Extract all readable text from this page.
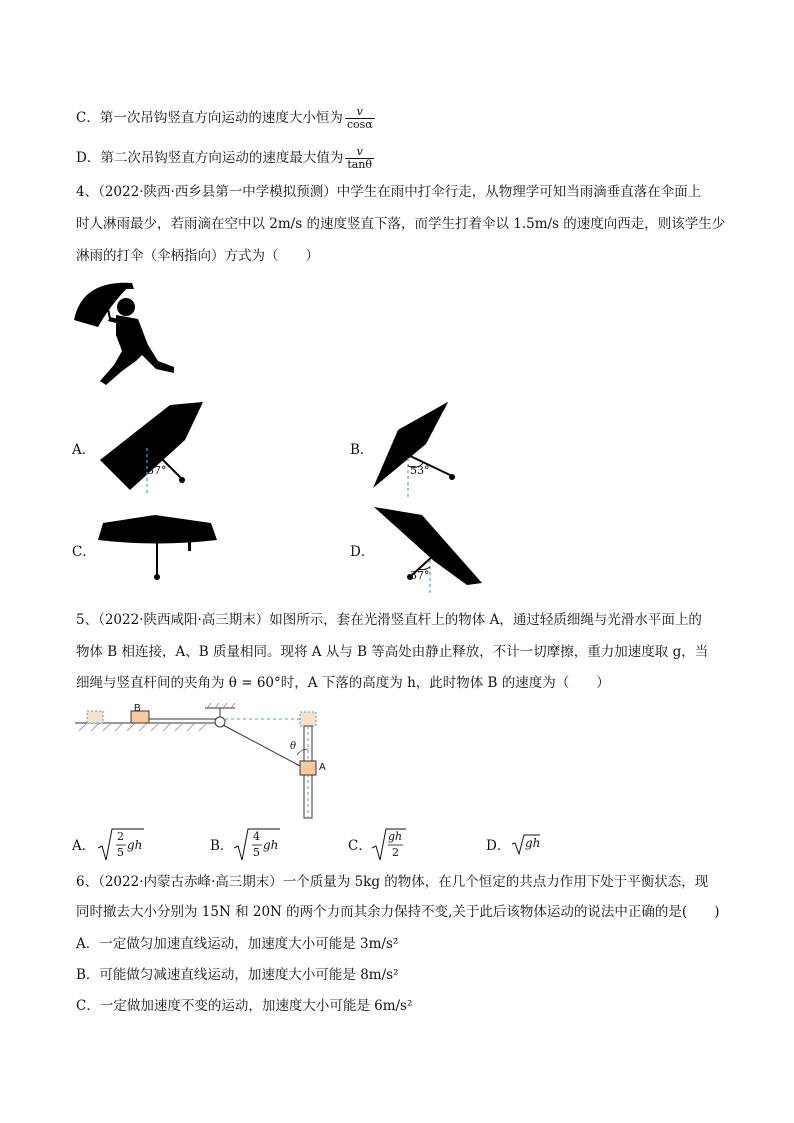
C．第一次吊钩竖直方向运动的速度大小恒为 $\frac{v}{\cos\alpha}$
D．第二次吊钩竖直方向运动的速度最大值为 $\frac{v}{\tan\theta}$
4、（2022·陕西·西乡县第一中学模拟预测）中学生在雨中打伞行走，从物理学可知当雨滴垂直落在伞面上
时人淋雨最少，若雨滴在空中以 2m/s 的速度竖直下落，而学生打着伞以 1.5m/s 的速度向西走，则该学生少
淋雨的打伞（伞柄指向）方式为（　　）
A．
37°
B．
53°
C．	D．
37°
5、（2022·陕西咸阳·高三期末）如图所示，套在光滑竖直杆上的物体 A，通过轻质细绳与光滑水平面上的
物体 B 相连接，A、B 质量相同。现将 A 从与 B 等高处由静止释放，不计一切摩擦，重力加速度取 g，当
细绳与竖直杆间的夹角为 θ = 60°时，A 下落的高度为 h，此时物体 B 的速度为（　　）
B
A
θ
A．
2
5
gh	B．
4
5
gh	C．
gh
2	D． gh
6、（2022·内蒙古赤峰·高三期末）一个质量为 5kg 的物体，在几个恒定的共点力作用下处于平衡状态，现
同时撤去大小分别为 15N 和 20N 的两个力而其余力保持不变,关于此后该物体运动的说法中正确的是(　　)
A．一定做匀加速直线运动，加速度大小可能是 3m/s²
B．可能做匀减速直线运动，加速度大小可能是 8m/s²
C．一定做加速度不变的运动，加速度大小可能是 6m/s²
